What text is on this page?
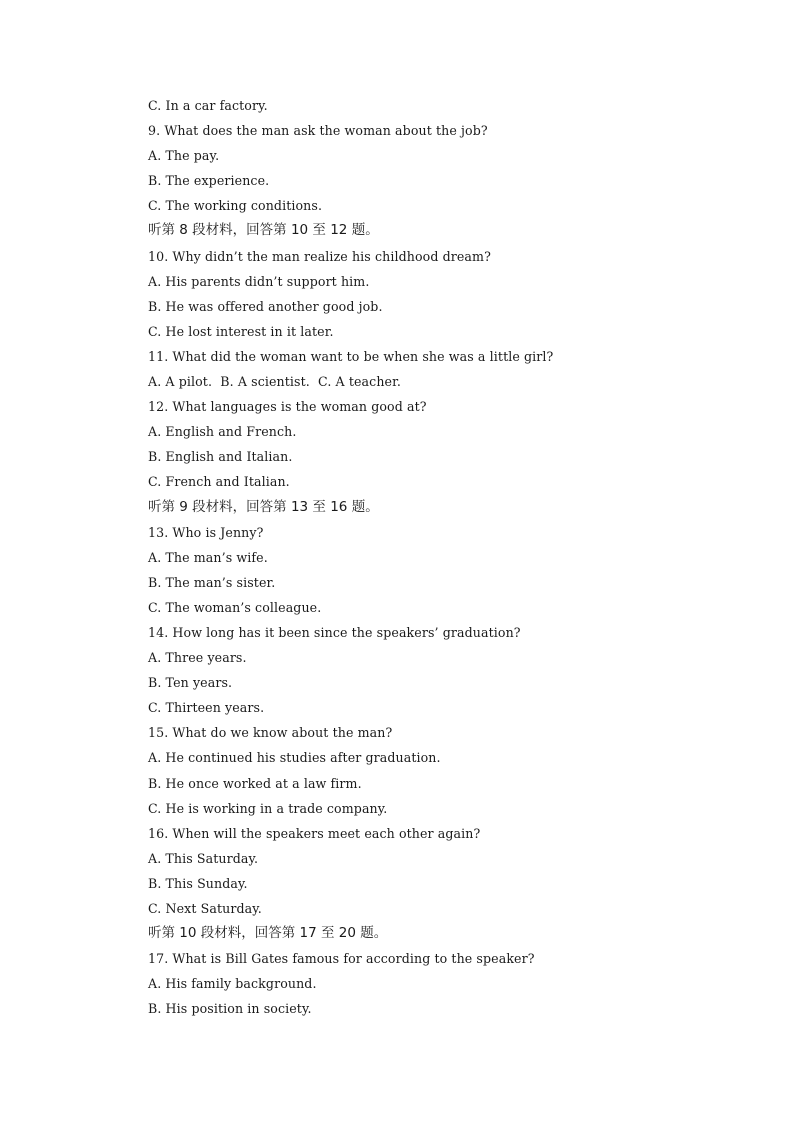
C. In a car factory.
9. What does the man ask the woman about the job?
A. The pay.
B. The experience.
C. The working conditions.
听第 8 段材料，回答第 10 至 12 题。
10. Why didn’t the man realize his childhood dream?
A. His parents didn’t support him.
B. He was offered another good job.
C. He lost interest in it later.
11. What did the woman want to be when she was a little girl?
A. A pilot.  B. A scientist.  C. A teacher.
12. What languages is the woman good at?
A. English and French.
B. English and Italian.
C. French and Italian.
听第 9 段材料，回答第 13 至 16 题。
13. Who is Jenny?
A. The man’s wife.
B. The man’s sister.
C. The woman’s colleague.
14. How long has it been since the speakers’ graduation?
A. Three years.
B. Ten years.
C. Thirteen years.
15. What do we know about the man?
A. He continued his studies after graduation.
B. He once worked at a law firm.
C. He is working in a trade company.
16. When will the speakers meet each other again?
A. This Saturday.
B. This Sunday.
C. Next Saturday.
听第 10 段材料，回答第 17 至 20 题。
17. What is Bill Gates famous for according to the speaker?
A. His family background.
B. His position in society.
